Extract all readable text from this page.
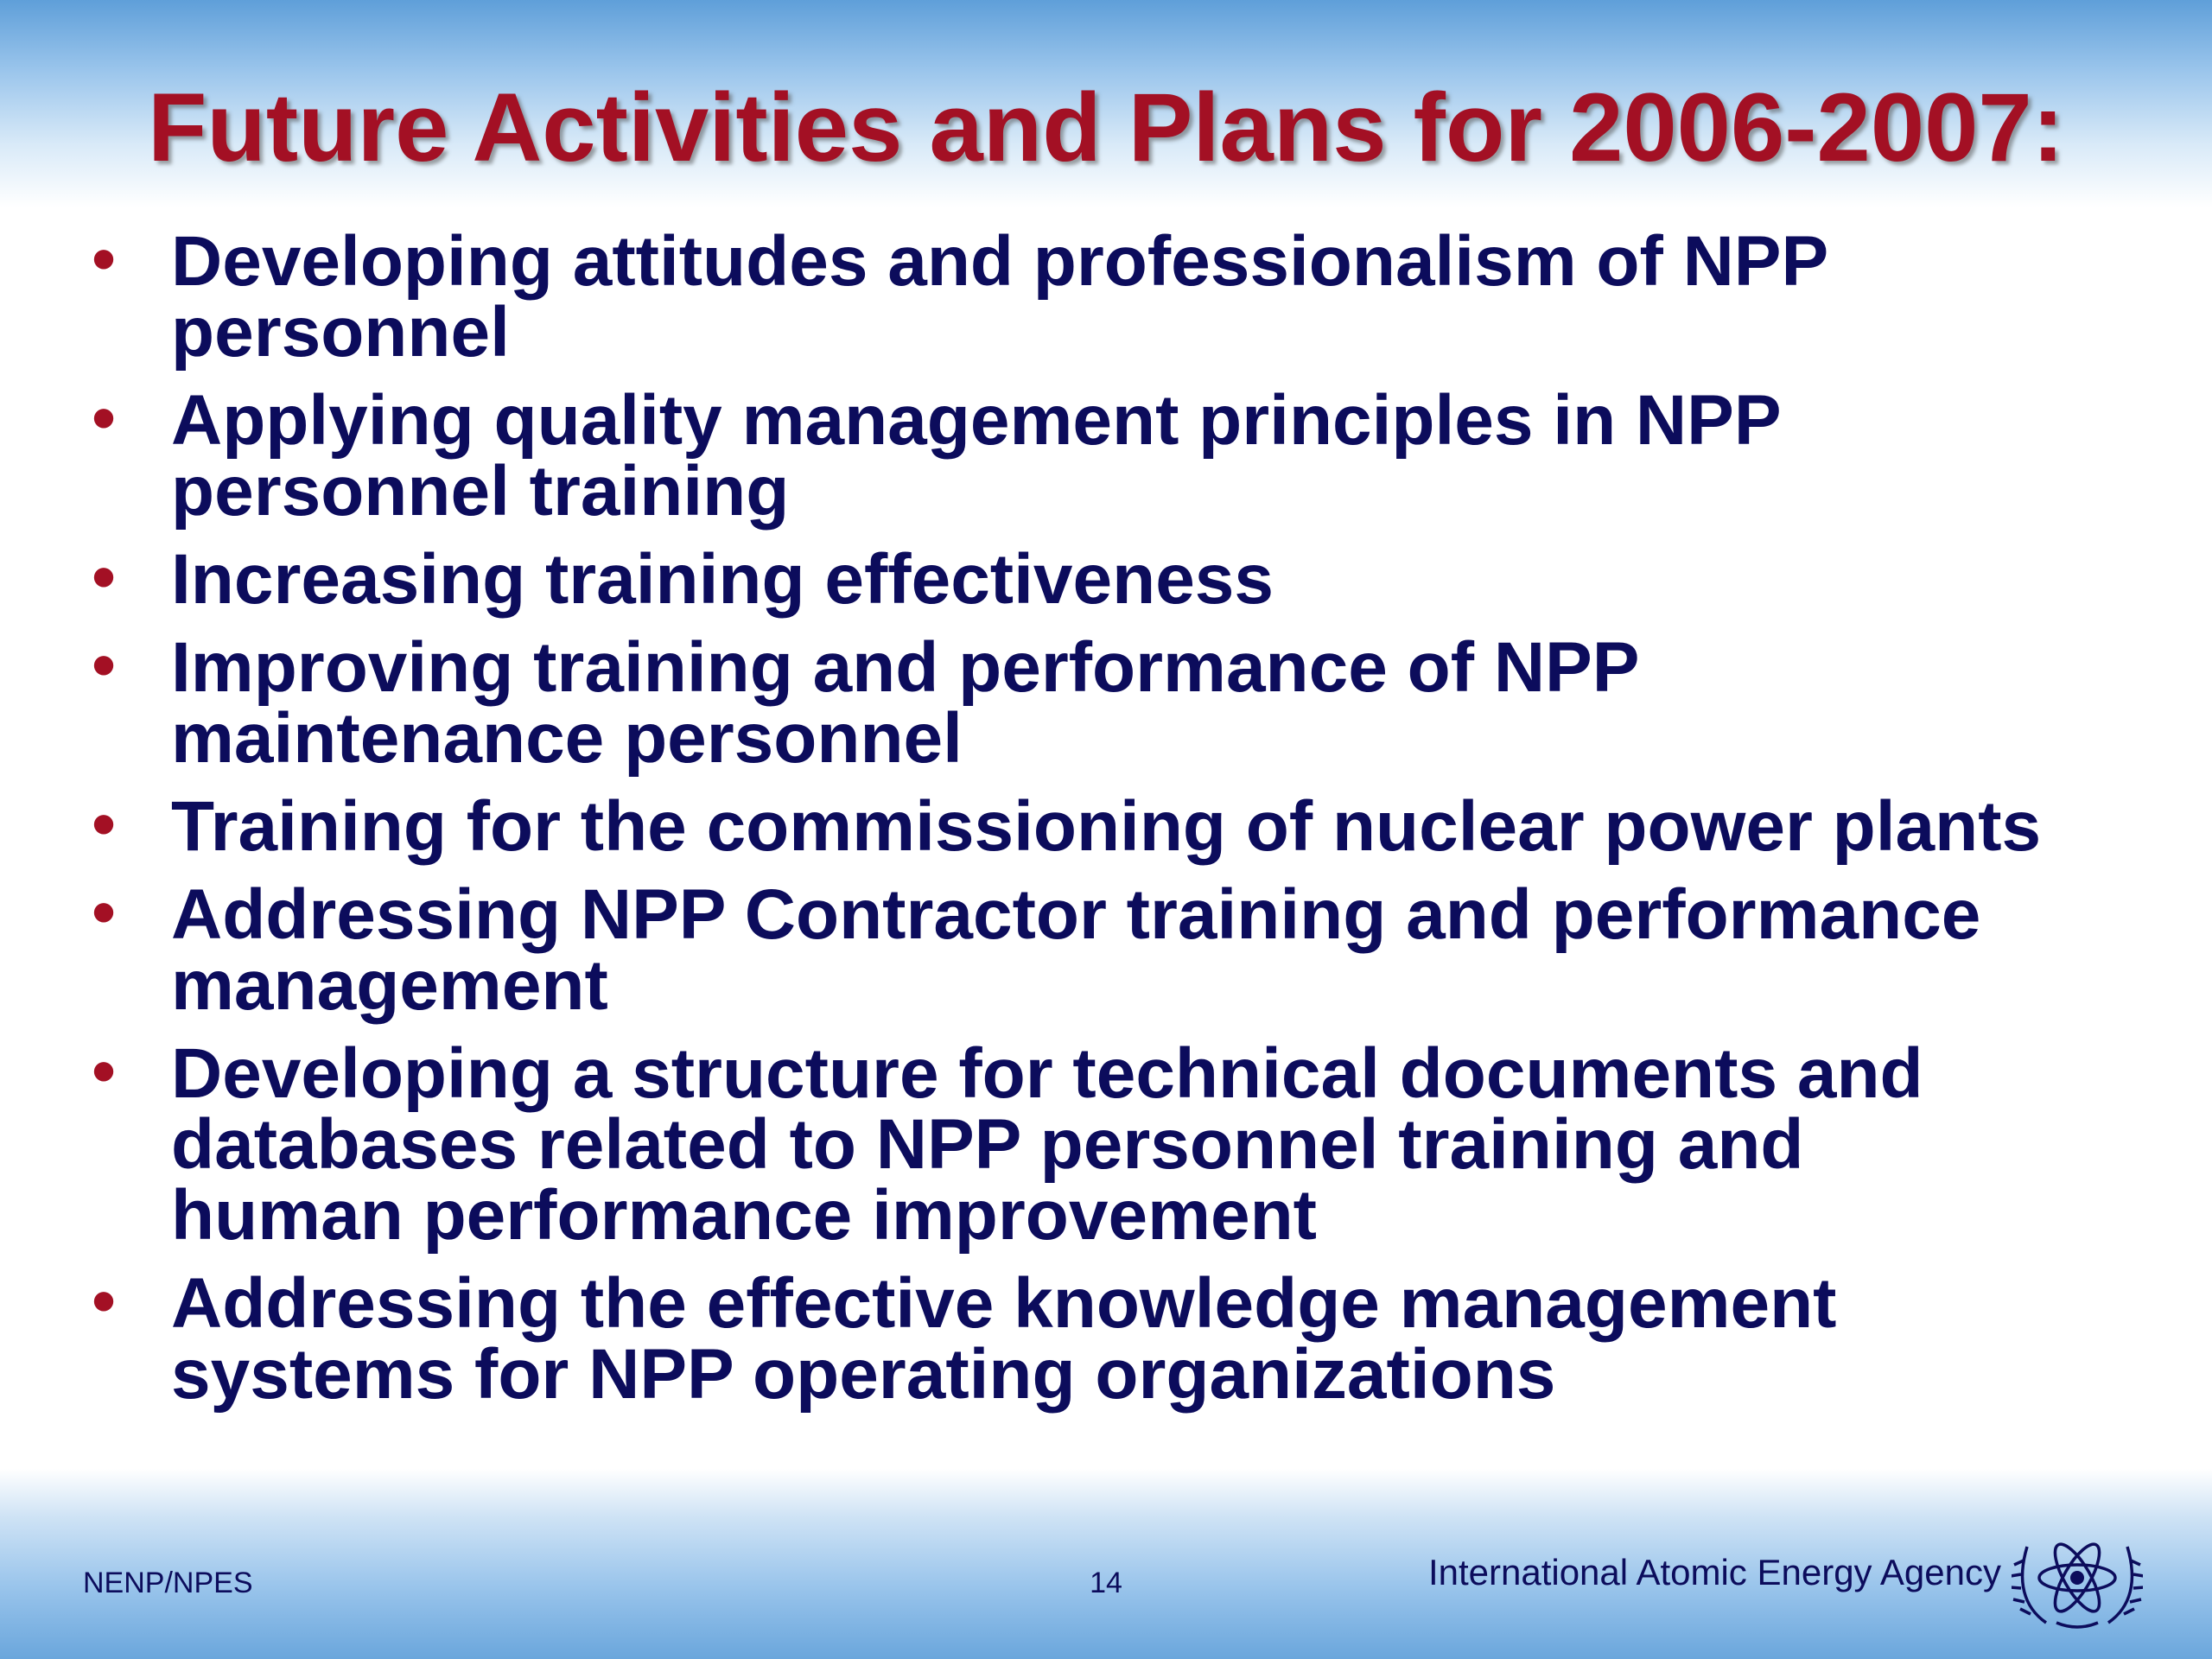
Future Activities and Plans for 2006-2007:
• Developing attitudes and professionalism of NPP
personnel
• Applying quality management principles in NPP
personnel training
• Increasing training effectiveness
• Improving training and performance of NPP
maintenance personnel
• Training for the commissioning of nuclear power plants
• Addressing NPP Contractor training and performance
management
• Developing a structure for technical documents and
databases related to NPP personnel training and
human performance improvement
• Addressing the effective knowledge management
systems for NPP operating organizations
NENP/NPES	14	International Atomic Energy Agency
